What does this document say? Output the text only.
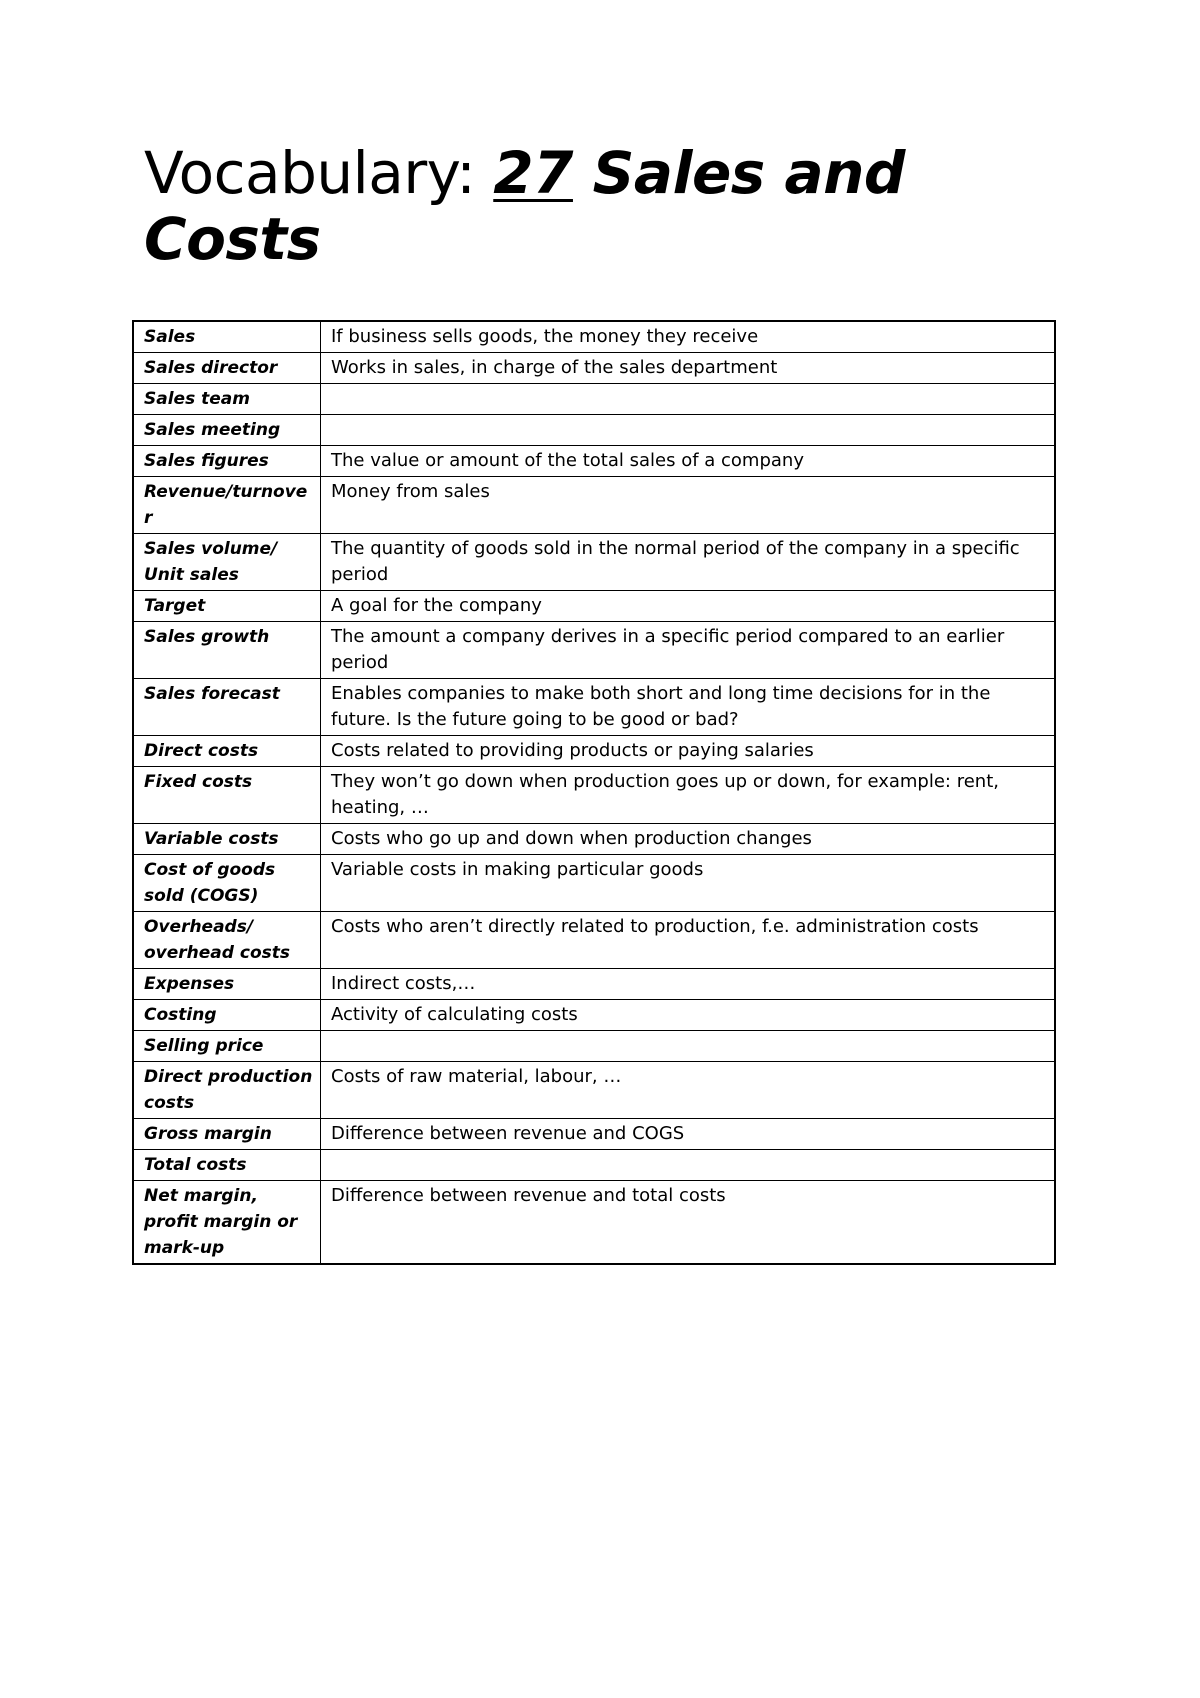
Vocabulary: 27 Sales and Costs
Sales	If business sells goods, the money they receive
Sales director	Works in sales, in charge of the sales department
Sales team	
Sales meeting	
Sales figures	The value or amount of the total sales of a company
Revenue/turnover	Money from sales
Sales volume/ Unit sales	The quantity of goods sold in the normal period of the company in a specific period
Target	A goal for the company
Sales growth	The amount a company derives in a specific period compared to an earlier period
Sales forecast	Enables companies to make both short and long time decisions for in the future. Is the future going to be good or bad?
Direct costs	Costs related to providing products or paying salaries
Fixed costs	They won’t go down when production goes up or down, for example: rent, heating, …
Variable costs	Costs who go up and down when production changes
Cost of goods sold (COGS)	Variable costs in making particular goods
Overheads/ overhead costs	Costs who aren’t directly related to production, f.e. administration costs
Expenses	Indirect costs,…
Costing	Activity of calculating costs
Selling price	
Direct production costs	Costs of raw material, labour, …
Gross margin	Difference between revenue and COGS
Total costs	
Net margin, profit margin or mark-up	Difference between revenue and total costs
